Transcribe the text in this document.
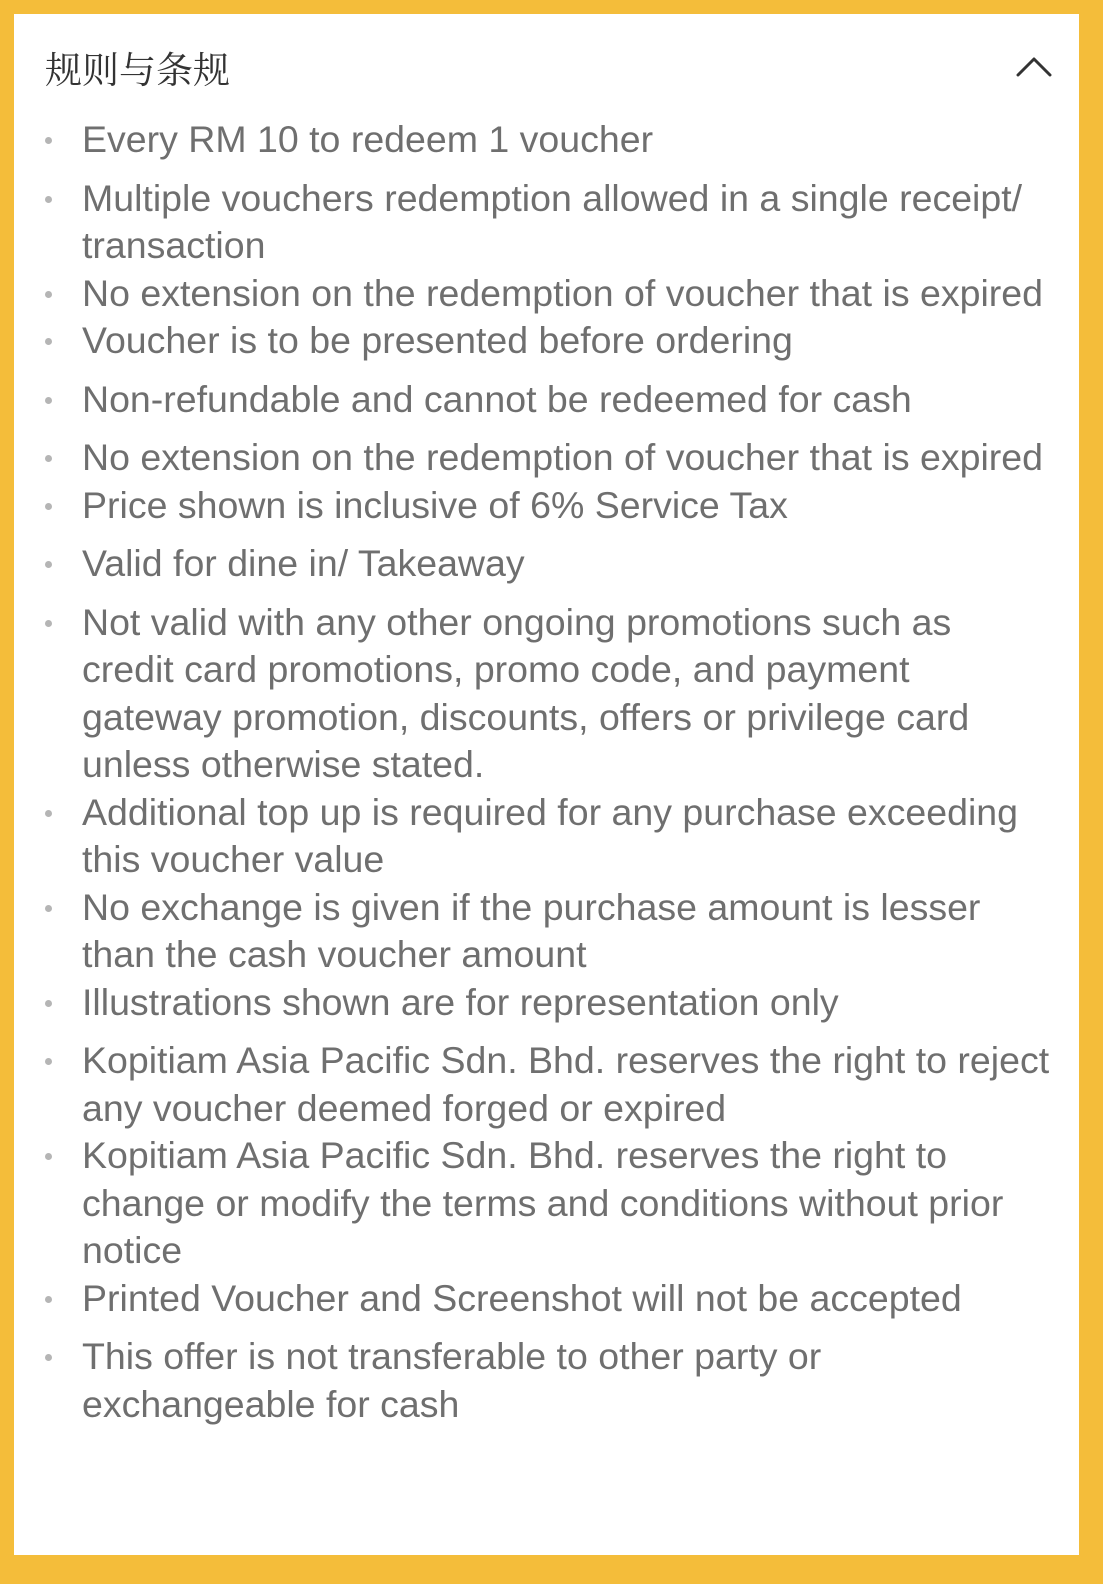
规则与条规
Every RM 10 to redeem 1 voucher
Multiple vouchers redemption allowed in a single receipt/ transaction
No extension on the redemption of voucher that is expired
Voucher is to be presented before ordering
Non-refundable and cannot be redeemed for cash
No extension on the redemption of voucher that is expired
Price shown is inclusive of 6% Service Tax
Valid for dine in/ Takeaway
Not valid with any other ongoing promotions such as credit card promotions, promo code, and payment gateway promotion, discounts, offers or privilege card unless otherwise stated.
Additional top up is required for any purchase exceeding this voucher value
No exchange is given if the purchase amount is lesser than the cash voucher amount
Illustrations shown are for representation only
Kopitiam Asia Pacific Sdn. Bhd. reserves the right to reject any voucher deemed forged or expired
Kopitiam Asia Pacific Sdn. Bhd. reserves the right to change or modify the terms and conditions without prior notice
Printed Voucher and Screenshot will not be accepted
This offer is not transferable to other party or exchangeable for cash
